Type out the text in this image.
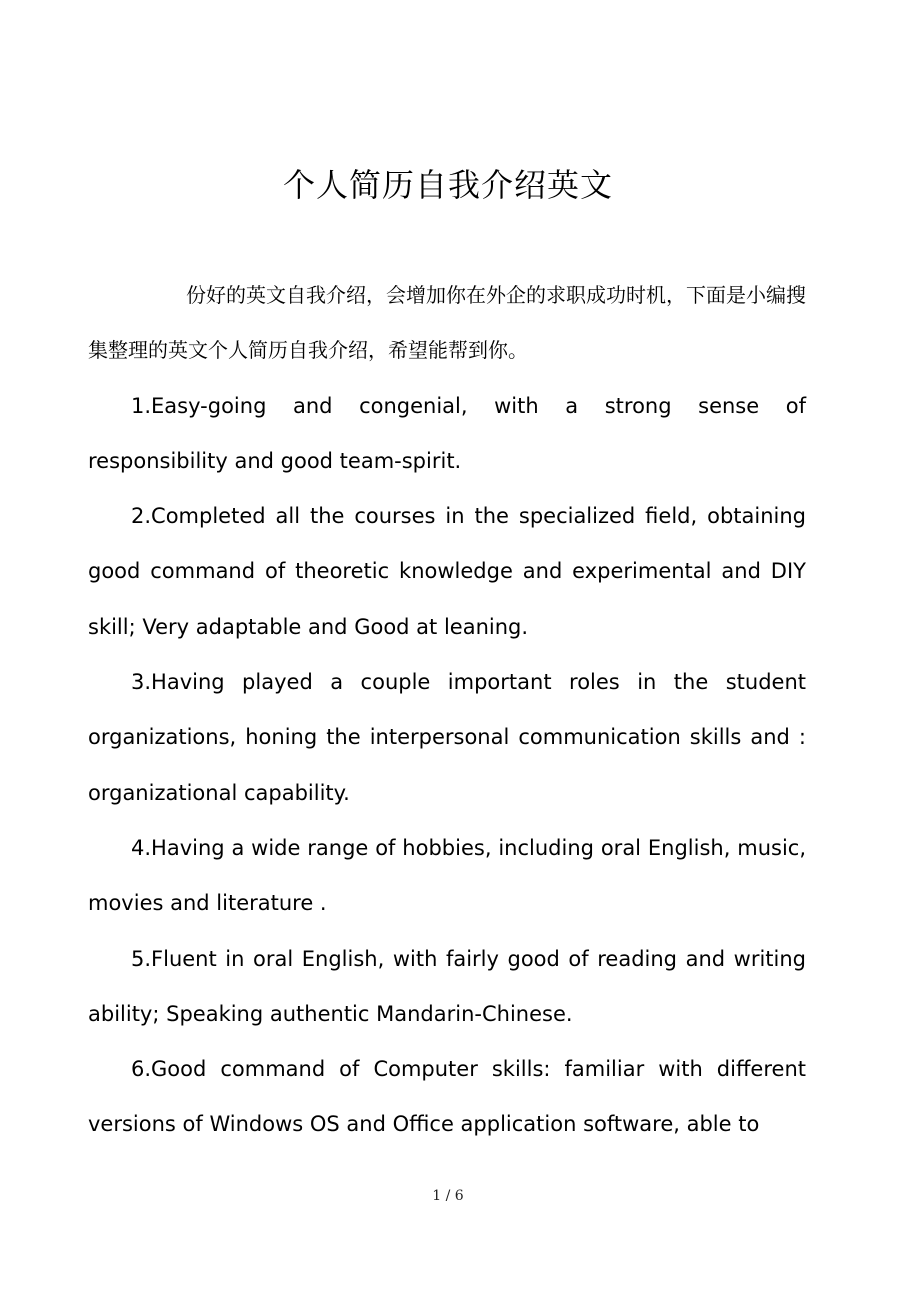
个人简历自我介绍英文

份好的英文自我介绍，会增加你在外企的求职成功时机，下面是小编搜集整理的英文个人简历自我介绍，希望能帮到你。

1.Easy-going and congenial, with a strong sense of responsibility and good team-spirit.

2.Completed all the courses in the specialized field, obtaining good command of theoretic knowledge and experimental and DIY skill; Very adaptable and Good at leaning.

3.Having played a couple important roles in the student organizations, honing the interpersonal communication skills and : organizational capability.

4.Having a wide range of hobbies, including oral English, music, movies and literature .

5.Fluent in oral English, with fairly good of reading and writing ability; Speaking authentic Mandarin-Chinese.

6.Good command of Computer skills: familiar with different versions of Windows OS and Office application software, able to

1 / 6
